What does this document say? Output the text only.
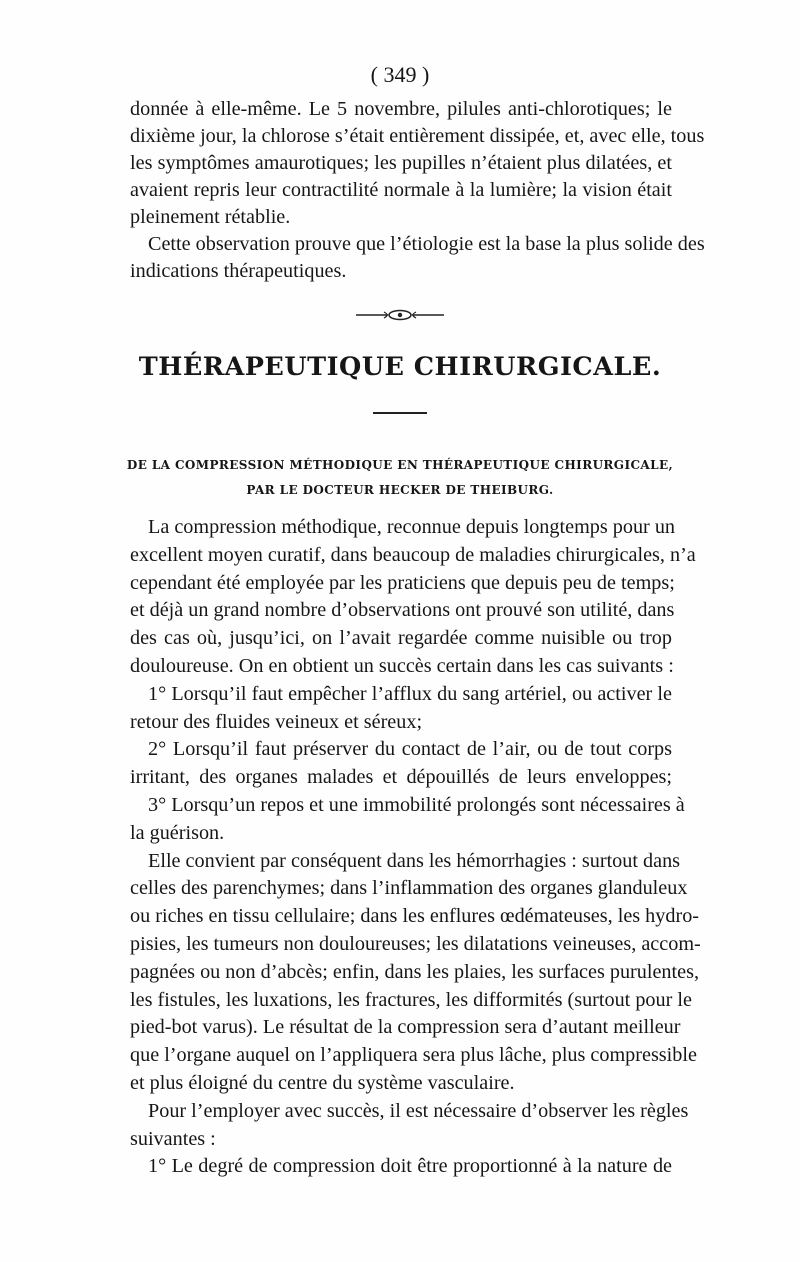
( 349 )
donnée à elle-même. Le 5 novembre, pilules anti-chlorotiques; le
dixième jour, la chlorose s’était entièrement dissipée, et, avec elle, tous
les symptômes amaurotiques; les pupilles n’étaient plus dilatées, et
avaient repris leur contractilité normale à la lumière; la vision était
pleinement rétablie.
Cette observation prouve que l’étiologie est la base la plus solide des
indications thérapeutiques.
THÉRAPEUTIQUE CHIRURGICALE.
DE LA COMPRESSION MÉTHODIQUE EN THÉRAPEUTIQUE CHIRURGICALE,
PAR LE DOCTEUR HECKER DE THEIBURG.
La compression méthodique, reconnue depuis longtemps pour un
excellent moyen curatif, dans beaucoup de maladies chirurgicales, n’a
cependant été employée par les praticiens que depuis peu de temps;
et déjà un grand nombre d’observations ont prouvé son utilité, dans
des cas où, jusqu’ici, on l’avait regardée comme nuisible ou trop
douloureuse. On en obtient un succès certain dans les cas suivants :
1° Lorsqu’il faut empêcher l’afflux du sang artériel, ou activer le
retour des fluides veineux et séreux;
2° Lorsqu’il faut préserver du contact de l’air, ou de tout corps
irritant, des organes malades et dépouillés de leurs enveloppes;
3° Lorsqu’un repos et une immobilité prolongés sont nécessaires à
la guérison.
Elle convient par conséquent dans les hémorrhagies : surtout dans
celles des parenchymes; dans l’inflammation des organes glanduleux
ou riches en tissu cellulaire; dans les enflures œdémateuses, les hydro-
pisies, les tumeurs non douloureuses; les dilatations veineuses, accom-
pagnées ou non d’abcès; enfin, dans les plaies, les surfaces purulentes,
les fistules, les luxations, les fractures, les difformités (surtout pour le
pied-bot varus). Le résultat de la compression sera d’autant meilleur
que l’organe auquel on l’appliquera sera plus lâche, plus compressible
et plus éloigné du centre du système vasculaire.
Pour l’employer avec succès, il est nécessaire d’observer les règles
suivantes :
1° Le degré de compression doit être proportionné à la nature de
